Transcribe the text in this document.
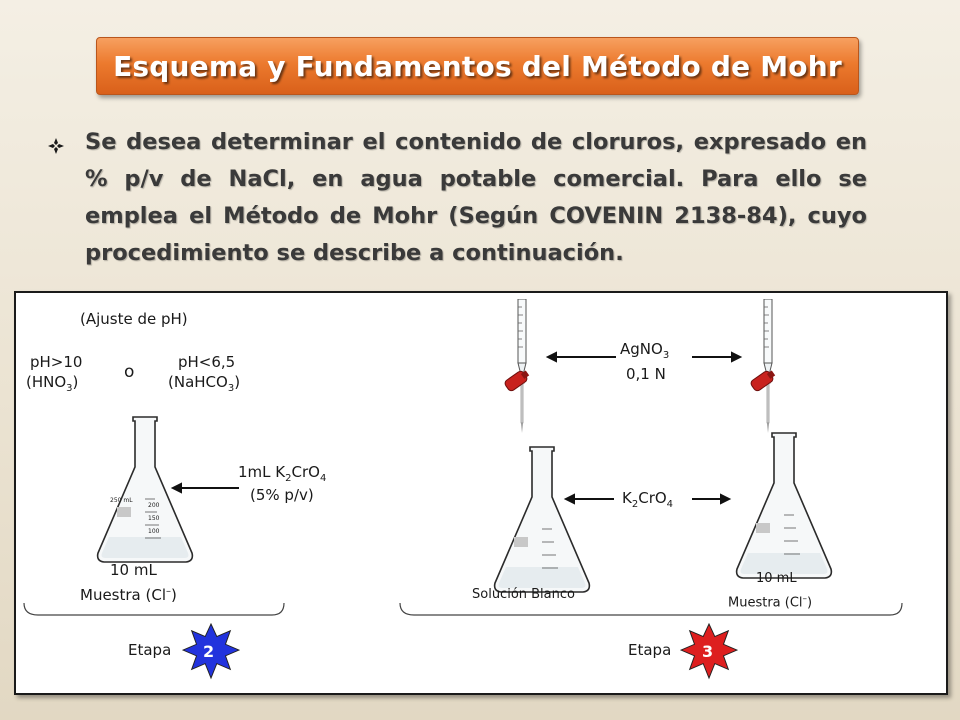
Esquema y Fundamentos del Método de Mohr
Se desea determinar el contenido de cloruros, expresado en % p/v de NaCl, en agua potable comercial. Para ello se emplea el Método de Mohr (Según COVENIN 2138-84), cuyo procedimiento se describe a continuación.
250 mL
200
150
100
(Ajuste de pH)
pH>10
$(HNO_3)$	o	pH<6,5
(NaHCO$_3$)
1mL $K_2CrO_4$
(5% p/v)
10 mL
Muestra (Cl–)
Etapa 2
AgNO$_3$
0,1 N
$K_2CrO_4$
Solución Blanco
10 mL
Muestra (Cl–)
Etapa 3
